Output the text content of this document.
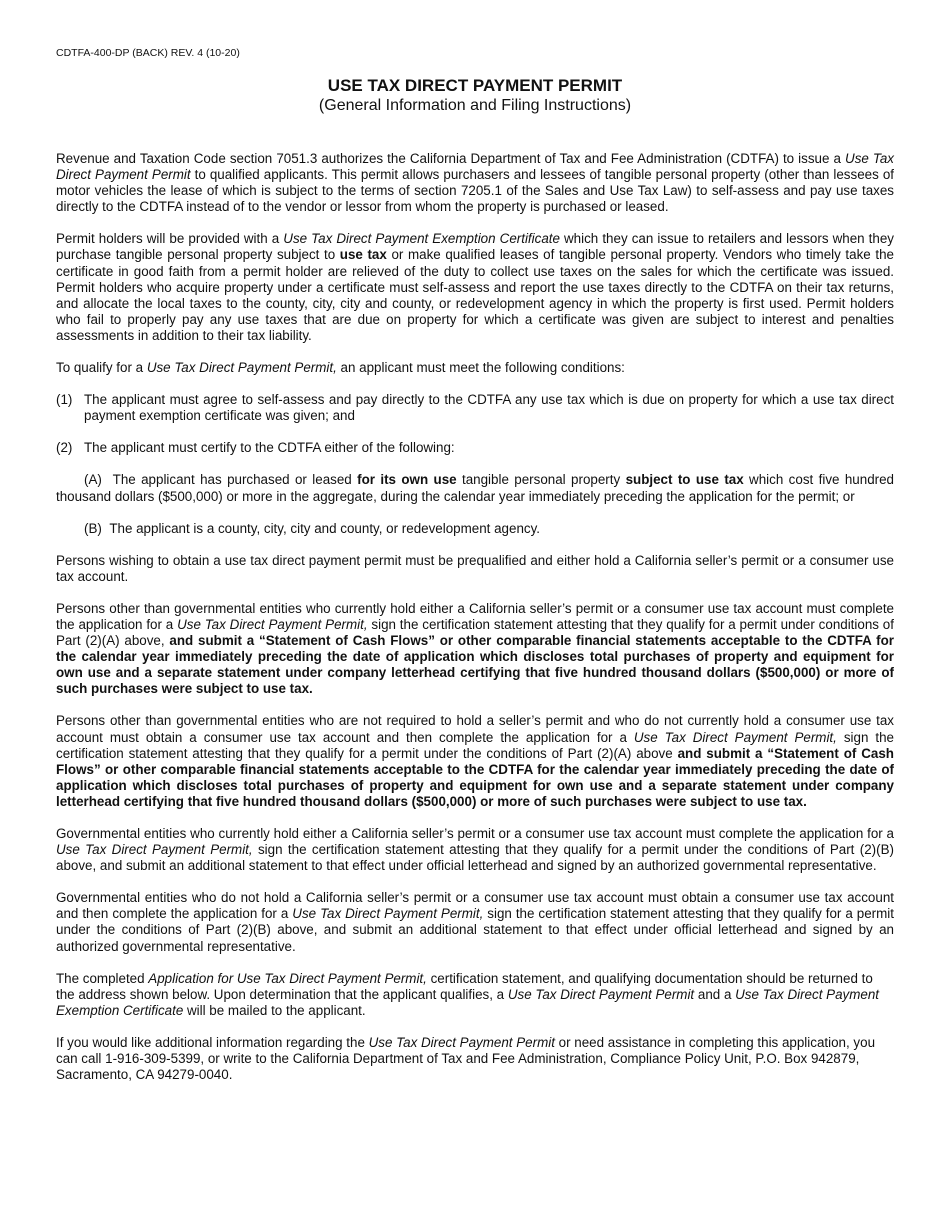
CDTFA-400-DP (BACK) REV. 4 (10-20)
USE TAX DIRECT PAYMENT PERMIT
(General Information and Filing Instructions)

Revenue and Taxation Code section 7051.3 authorizes the California Department of Tax and Fee Administration (CDTFA) to issue a Use Tax Direct Payment Permit to qualified applicants. This permit allows purchasers and lessees of tangible personal property (other than lessees of motor vehicles the lease of which is subject to the terms of section 7205.1 of the Sales and Use Tax Law) to self-assess and pay use taxes directly to the CDTFA instead of to the vendor or lessor from whom the property is purchased or leased.

Permit holders will be provided with a Use Tax Direct Payment Exemption Certificate which they can issue to retailers and lessors when they purchase tangible personal property subject to use tax or make qualified leases of tangible personal property. Vendors who timely take the certificate in good faith from a permit holder are relieved of the duty to collect use taxes on the sales for which the certificate was issued. Permit holders who acquire property under a certificate must self-assess and report the use taxes directly to the CDTFA on their tax returns, and allocate the local taxes to the county, city, city and county, or redevelopment agency in which the property is first used. Permit holders who fail to properly pay any use taxes that are due on property for which a certificate was given are subject to interest and penalties assessments in addition to their tax liability.

To qualify for a Use Tax Direct Payment Permit, an applicant must meet the following conditions:

(1) The applicant must agree to self-assess and pay directly to the CDTFA any use tax which is due on property for which a use tax direct payment exemption certificate was given; and

(2) The applicant must certify to the CDTFA either of the following:

(A) The applicant has purchased or leased for its own use tangible personal property subject to use tax which cost five hundred thousand dollars ($500,000) or more in the aggregate, during the calendar year immediately preceding the application for the permit; or

(B) The applicant is a county, city, city and county, or redevelopment agency.

Persons wishing to obtain a use tax direct payment permit must be prequalified and either hold a California seller’s permit or a consumer use tax account.

Persons other than governmental entities who currently hold either a California seller’s permit or a consumer use tax account must complete the application for a Use Tax Direct Payment Permit, sign the certification statement attesting that they qualify for a permit under conditions of Part (2)(A) above, and submit a “Statement of Cash Flows” or other comparable financial statements acceptable to the CDTFA for the calendar year immediately preceding the date of application which discloses total purchases of property and equipment for own use and a separate statement under company letterhead certifying that five hundred thousand dollars ($500,000) or more of such purchases were subject to use tax.

Persons other than governmental entities who are not required to hold a seller’s permit and who do not currently hold a consumer use tax account must obtain a consumer use tax account and then complete the application for a Use Tax Direct Payment Permit, sign the certification statement attesting that they qualify for a permit under the conditions of Part (2)(A) above and submit a “Statement of Cash Flows” or other comparable financial statements acceptable to the CDTFA for the calendar year immediately preceding the date of application which discloses total purchases of property and equipment for own use and a separate statement under company letterhead certifying that five hundred thousand dollars ($500,000) or more of such purchases were subject to use tax.

Governmental entities who currently hold either a California seller’s permit or a consumer use tax account must complete the application for a Use Tax Direct Payment Permit, sign the certification statement attesting that they qualify for a permit under the conditions of Part (2)(B) above, and submit an additional statement to that effect under official letterhead and signed by an authorized governmental representative.

Governmental entities who do not hold a California seller’s permit or a consumer use tax account must obtain a consumer use tax account and then complete the application for a Use Tax Direct Payment Permit, sign the certification statement attesting that they qualify for a permit under the conditions of Part (2)(B) above, and submit an additional statement to that effect under official letterhead and signed by an authorized governmental representative.

The completed Application for Use Tax Direct Payment Permit, certification statement, and qualifying documentation should be returned to the address shown below. Upon determination that the applicant qualifies, a Use Tax Direct Payment Permit and a Use Tax Direct Payment Exemption Certificate will be mailed to the applicant.

If you would like additional information regarding the Use Tax Direct Payment Permit or need assistance in completing this application, you can call 1-916-309-5399, or write to the California Department of Tax and Fee Administration, Compliance Policy Unit, P.O. Box 942879, Sacramento, CA 94279-0040.
